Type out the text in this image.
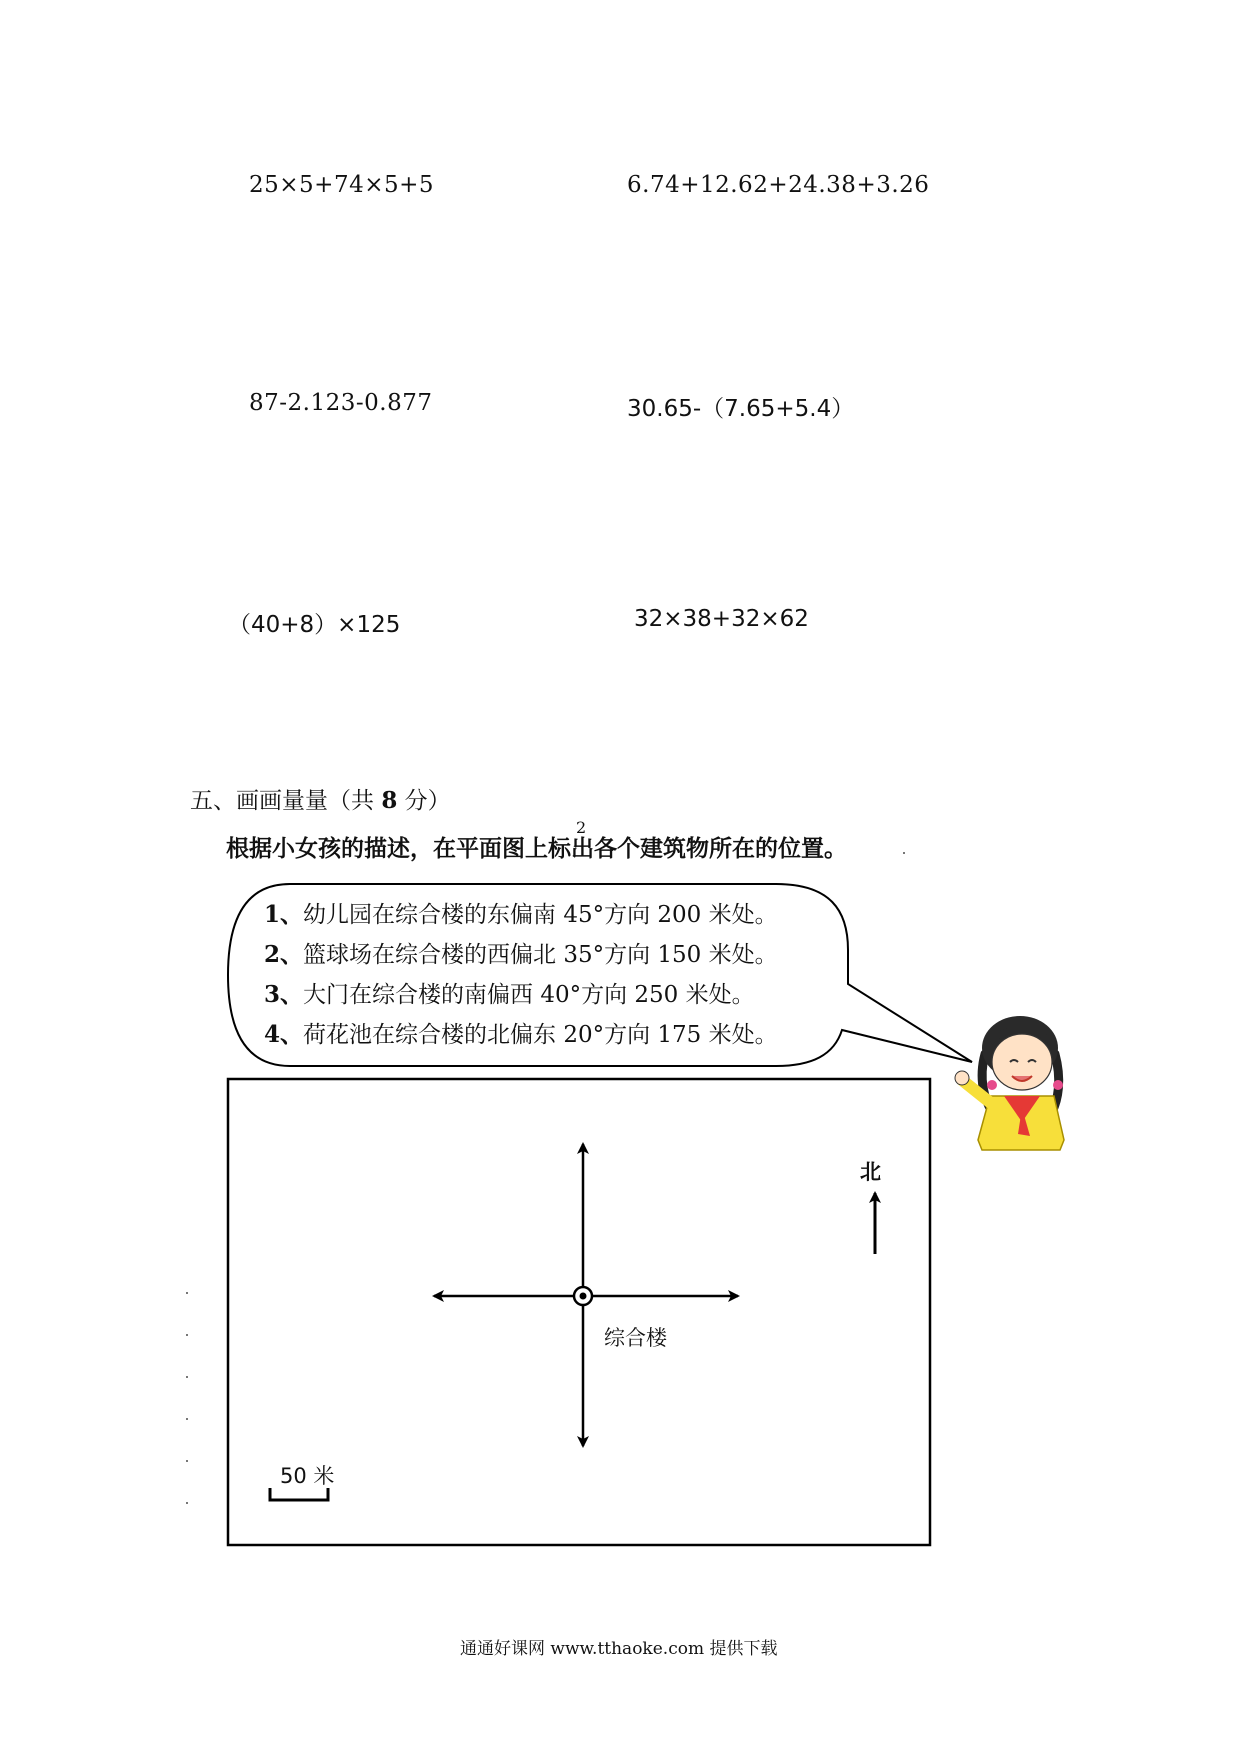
25×5+74×5+5	6.74+12.62+24.38+3.26
87-2.123-0.877	30.65-（7.65+5.4）
（40+8）×125	32×38+32×62
五、画画量量（共 8 分）
根据小女孩的描述，在平面图上标出各个建筑物所在的位置。
2
1、幼儿园在综合楼的东偏南 45°方向 200 米处。
2、篮球场在综合楼的西偏北 35°方向 150 米处。
3、大门在综合楼的南偏西 40°方向 250 米处。
4、荷花池在综合楼的北偏东 20°方向 175 米处。
综合楼
北
50 米
通通好课网 www.tthaoke.com 提供下载
